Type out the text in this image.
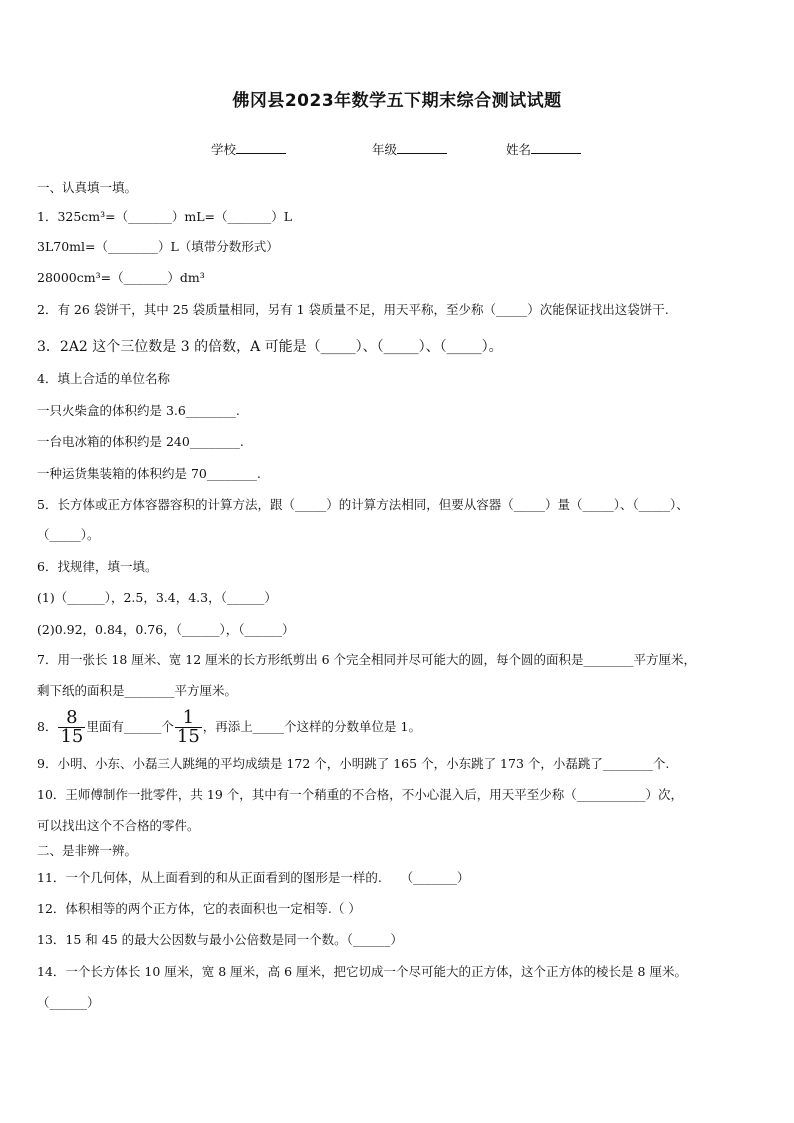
佛冈县2023年数学五下期末综合测试试题
学校	年级	姓名
一、认真填一填。
1．325cm³=（_______）mL=（_______）L
3L70ml=（________）L（填带分数形式）
28000cm³=（_______）dm³
2．有 26 袋饼干，其中 25 袋质量相同，另有 1 袋质量不足，用天平称，至少称（_____）次能保证找出这袋饼干.
3．2A2 这个三位数是 3 的倍数，A 可能是（_____）、（_____）、（_____）。
4．填上合适的单位名称
一只火柴盒的体积约是 3.6________.
一台电冰箱的体积约是 240________.
一种运货集装箱的体积约是 70________.
5．长方体或正方体容器容积的计算方法，跟（_____）的计算方法相同，但要从容器（_____）量（_____）、（_____）、
（_____）。
6．找规律，填一填。
(1)（______），2.5，3.4，4.3，（______）
(2)0.92，0.84，0.76，（______），（______）
7．用一张长 18 厘米、宽 12 厘米的长方形纸剪出 6 个完全相同并尽可能大的圆，每个圆的面积是________平方厘米，
剩下纸的面积是________平方厘米。
8． $\frac{8}{15}$ 里面有______个 $\frac{1}{15}$ ，再添上_____个这样的分数单位是 1。
9．小明、小东、小磊三人跳绳的平均成绩是 172 个，小明跳了 165 个，小东跳了 173 个，小磊跳了________个.
10．王师傅制作一批零件，共 19 个，其中有一个稍重的不合格，不小心混入后，用天平至少称（___________）次，
可以找出这个不合格的零件。
二、是非辨一辨。
11．一个几何体，从上面看到的和从正面看到的图形是一样的.　　（_______）
12．体积相等的两个正方体，它的表面积也一定相等.（ ）
13．15 和 45 的最大公因数与最小公倍数是同一个数。（______）
14．一个长方体长 10 厘米，宽 8 厘米，高 6 厘米，把它切成一个尽可能大的正方体，这个正方体的棱长是 8 厘米。
（______）
